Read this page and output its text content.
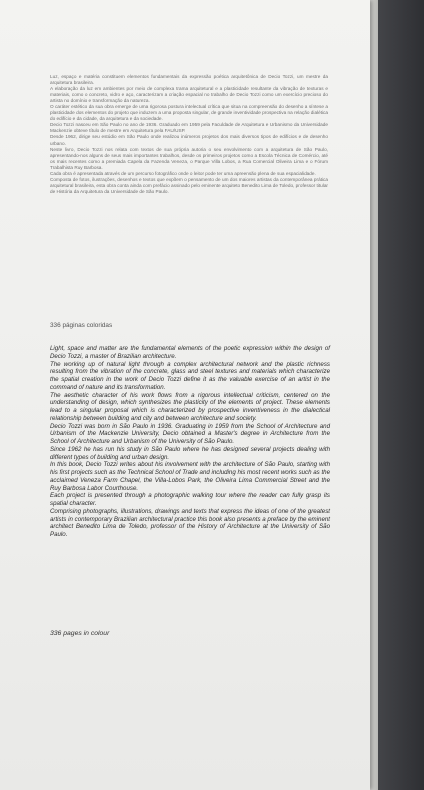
Luz, espaço e matéria constituem elementos fundamentais da expressão poética arquitetônica de Decio Tozzi, um mestre da arquitetura brasileira.

A elaboração da luz em ambientes por meio de complexa trama arquitetural e a plasticidade resultante da vibração de texturas e materiais, como o concreto, vidro e aço, caracterizam a criação espacial no trabalho de Decio Tozzi como um exercício precioso do artista no domínio e transformação da natureza.

O caráter estético da sua obra emerge de uma rigorosa postura intelectual crítica que situa na compreensão do desenho a síntese a plasticidade dos elementos do projeto que induzem a uma proposta singular, de grande inventividade prospectiva na relação dialética do edifício e da cidade, da arquitetura e da sociedade.

Decio Tozzi nasceu em São Paulo no ano de 1936. Graduado em 1959 pela Faculdade de Arquitetura e Urbanismo da Universidade Mackenzie obteve título de mestre em Arquitetura pela FAU/USP.

Desde 1962, dirige seu estúdio em São Paulo onde realizou inúmeros projetos dos mais diversos tipos de edifícios e de desenho urbano.

Neste livro, Decio Tozzi nos relata com textos de sua própria autoria o seu envolvimento com a arquitetura de São Paulo, apresentando-nos alguns de seus mais importantes trabalhos, desde os primeiros projetos como a Escola Técnica de Comércio, até os mais recentes como a premiada Capela da Fazenda Veneza, o Parque Villa Lobos, a Rua Comercial Oliveira Lima e o Fórum Trabalhista Ruy Barbosa.

Cada obra é apresentada através de um percurso fotográfico onde o leitor pode ter uma apreensão plena de sua espacialidade.

Composta de fotos, ilustrações, desenhos e textos que expõem o pensamento de um dos maiores artistas da contemporânea prática arquitetural brasileira, esta obra conta ainda com prefácio assinado pelo eminente arquiteto Benedito Lima de Toledo, professor titular de História da Arquitetura da Universidade de São Paulo.

336 páginas coloridas

Light, space and matter are the fundamental elements of the poetic expression within the design of Decio Tozzi, a master of Brazilian architecture.

The working up of natural light through a complex architectural network and the plastic richness resulting from the vibration of the concrete, glass and steel textures and materials which characterize the spatial creation in the work of Decio Tozzi define it as the valuable exercise of an artist in the command of nature and its transformation.

The aesthetic character of his work flows from a rigorous intellectual criticism, centered on the understanding of design, which synthesizes the plasticity of the elements of project. These elements lead to a singular proposal which is characterized by prospective inventiveness in the dialectical relationship between building and city and between architecture and society.

Decio Tozzi was born in São Paulo in 1936. Graduating in 1959 from the School of Architecture and Urbanism of the Mackenzie University, Decio obtained a Master's degree in Architecture from the School of Architecture and Urbanism of the University of São Paulo.

Since 1962 he has run his study in São Paulo where he has designed several projects dealing with different types of building and urban design.

In this book, Decio Tozzi writes about his involvement with the architecture of São Paulo, starting with his first projects such as the Technical School of Trade and including his most recent works such as the acclaimed Veneza Farm Chapel, the Villa-Lobos Park, the Oliveira Lima Commercial Street and the Ruy Barbosa Labor Courthouse.

Each project is presented through a photographic walking tour where the reader can fully grasp its spatial character.

Comprising photographs, illustrations, drawings and texts that express the ideas of one of the greatest artists in contemporary Brazilian architectural practice this book also presents a preface by the eminent architect Benedito Lima de Toledo, professor of the History of Architecture at the University of São Paulo.

336 pages in colour
